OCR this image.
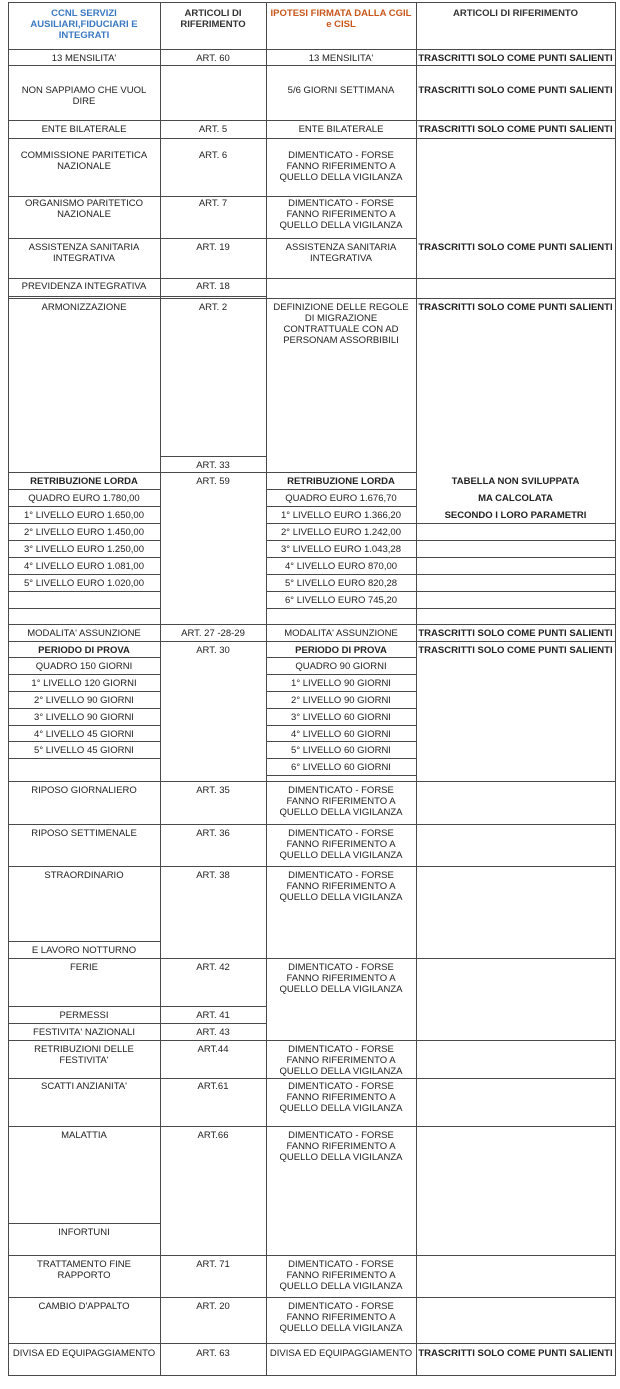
CCNL SERVIZI
AUSILIARI,FIDUCIARI E
INTEGRATI
ARTICOLI DI
RIFERIMENTO
IPOTESI FIRMATA DALLA CGIL
e CISL
ARTICOLI DI RIFERIMENTO
13 MENSILITA'
NON SAPPIAMO CHE VUOL
DIRE
ENTE BILATERALE
COMMISSIONE PARITETICA
NAZIONALE
ORGANISMO PARITETICO
NAZIONALE
ASSISTENZA SANITARIA
INTEGRATIVA
PREVIDENZA INTEGRATIVA
ARMONIZZAZIONE
RETRIBUZIONE LORDA
QUADRO EURO 1.780,00
1° LIVELLO EURO 1.650,00
2° LIVELLO EURO 1.450,00
3° LIVELLO EURO 1.250,00
4° LIVELLO EURO 1.081,00
5° LIVELLO EURO 1.020,00
MODALITA' ASSUNZIONE
PERIODO DI PROVA
QUADRO 150 GIORNI
1° LIVELLO 120 GIORNI
2° LIVELLO 90 GIORNI
3° LIVELLO 90 GIORNI
4° LIVELLO 45 GIORNI
5° LIVELLO 45 GIORNI
RIPOSO GIORNALIERO
RIPOSO SETTIMENALE
STRAORDINARIO
E LAVORO NOTTURNO
FERIE
PERMESSI
FESTIVITA' NAZIONALI
RETRIBUZIONI DELLE
FESTIVITA'
SCATTI ANZIANITA'
MALATTIA
INFORTUNI
TRATTAMENTO FINE
RAPPORTO
CAMBIO D'APPALTO
DIVISA ED EQUIPAGGIAMENTO
ART. 60
ART. 5
ART. 6
ART. 7
ART. 19
ART. 18
ART. 2
ART. 33
ART. 59
ART. 27 -28-29
ART. 30
ART. 35
ART. 36
ART. 38
ART. 42
ART. 41
ART. 43
ART.44
ART.61
ART.66
ART. 71
ART. 20
ART. 63
13 MENSILITA'
5/6 GIORNI SETTIMANA
ENTE BILATERALE
DIMENTICATO - FORSE
FANNO RIFERIMENTO A
QUELLO DELLA VIGILANZA
DIMENTICATO - FORSE
FANNO RIFERIMENTO A
QUELLO DELLA VIGILANZA
ASSISTENZA SANITARIA
INTEGRATIVA
DEFINIZIONE DELLE REGOLE
DI MIGRAZIONE
CONTRATTUALE CON AD
PERSONAM ASSORBIBILI
RETRIBUZIONE LORDA
QUADRO EURO 1.676,70
1° LIVELLO EURO 1.366,20
2° LIVELLO EURO 1.242,00
3° LIVELLO EURO 1.043,28
4° LIVELLO EURO 870,00
5° LIVELLO EURO 820,28
6° LIVELLO EURO 745,20
MODALITA' ASSUNZIONE
PERIODO DI PROVA
QUADRO 90 GIORNI
1° LIVELLO 90 GIORNI
2° LIVELLO 90 GIORNI
3° LIVELLO 60 GIORNI
4° LIVELLO 60 GIORNI
5° LIVELLO 60 GIORNI
6° LIVELLO 60 GIORNI
DIMENTICATO - FORSE
FANNO RIFERIMENTO A
QUELLO DELLA VIGILANZA
DIMENTICATO - FORSE
FANNO RIFERIMENTO A
QUELLO DELLA VIGILANZA
DIMENTICATO - FORSE
FANNO RIFERIMENTO A
QUELLO DELLA VIGILANZA
DIMENTICATO - FORSE
FANNO RIFERIMENTO A
QUELLO DELLA VIGILANZA
DIMENTICATO - FORSE
FANNO RIFERIMENTO A
QUELLO DELLA VIGILANZA
DIMENTICATO - FORSE
FANNO RIFERIMENTO A
QUELLO DELLA VIGILANZA
DIMENTICATO - FORSE
FANNO RIFERIMENTO A
QUELLO DELLA VIGILANZA
DIMENTICATO - FORSE
FANNO RIFERIMENTO A
QUELLO DELLA VIGILANZA
DIMENTICATO - FORSE
FANNO RIFERIMENTO A
QUELLO DELLA VIGILANZA
DIVISA ED EQUIPAGGIAMENTO
TRASCRITTI SOLO COME PUNTI SALIENTI
TRASCRITTI SOLO COME PUNTI SALIENTI
TRASCRITTI SOLO COME PUNTI SALIENTI
TRASCRITTI SOLO COME PUNTI SALIENTI
TRASCRITTI SOLO COME PUNTI SALIENTI
TABELLA NON SVILUPPATA
MA CALCOLATA
SECONDO I LORO PARAMETRI
TRASCRITTI SOLO COME PUNTI SALIENTI
TRASCRITTI SOLO COME PUNTI SALIENTI
TRASCRITTI SOLO COME PUNTI SALIENTI
